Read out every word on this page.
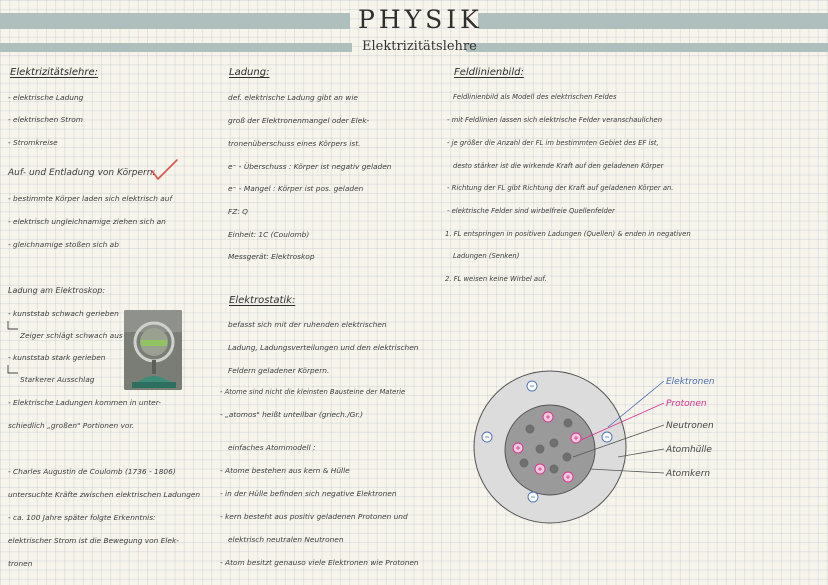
PHYSIK
Elektrizitätslehre
Elektrizitätslehre:
- elektrische Ladung
- elektrischen Strom
- Stromkreise
Auf- und Entladung von Körpern:
- bestimmte Körper laden sich elektrisch auf
- elektrisch ungleichnamige ziehen sich an
- gleichnamige stoßen sich ab
Ladung am Elektroskop:
- kunststab schwach gerieben
Zeiger schlägt schwach aus
- kunststab stark gerieben
Starkerer Ausschlag
- Elektrische Ladungen kommen in unter-
schiedlich „großen" Portionen vor.
- Charles Augustin de Coulomb (1736 - 1806)
untersuchte Kräfte zwischen elektrischen Ladungen
- ca. 100 Jahre später folgte Erkenntnis:
elektrischer Strom ist die Bewegung von Elek-
tronen
Ladung:
def. elektrische Ladung gibt an wie
groß der Elektronenmangel oder Elek-
tronenüberschuss eines Körpers ist.
e⁻ - Überschuss : Körper ist negativ geladen
e⁻ - Mangel : Körper ist pos. geladen
FZ: Q
Einheit: 1C (Coulomb)
Messgerät: Elektroskop
Elektrostatik:
befasst sich mit der ruhenden elektrischen
Ladung, Ladungsverteilungen und den elektrischen
Feldern geladener Körpern.
- Atome sind nicht die kleinsten Bausteine der Materie
- „atomos" heißt unteilbar (griech./Gr.)
einfaches Atommodell :
- Atome bestehen aus kern & Hülle
- in der Hülle befinden sich negative Elektronen
- kern besteht aus positiv geladenen Protonen und
elektrisch neutralen Neutronen
- Atom besitzt genauso viele Elektronen wie Protonen
Feldlinienbild:
Feldlinienbild als Modell des elektrischen Feldes
- mit Feldlinien lassen sich elektrische Felder veranschaulichen
- je größer die Anzahl der FL im bestimmten Gebiet des EF ist,
desto stärker ist die wirkende Kraft auf den geladenen Körper
- Richtung der FL gibt Richtung der Kraft auf geladenen Körper an.
- elektrische Felder sind wirbelfreie Quellenfelder
1. FL entspringen in positiven Ladungen (Quellen) & enden in negativen
Ladungen (Senken)
2. FL weisen keine Wirbel auf.
Elektronen
Protonen
Neutronen
Atomhülle
Atomkern
